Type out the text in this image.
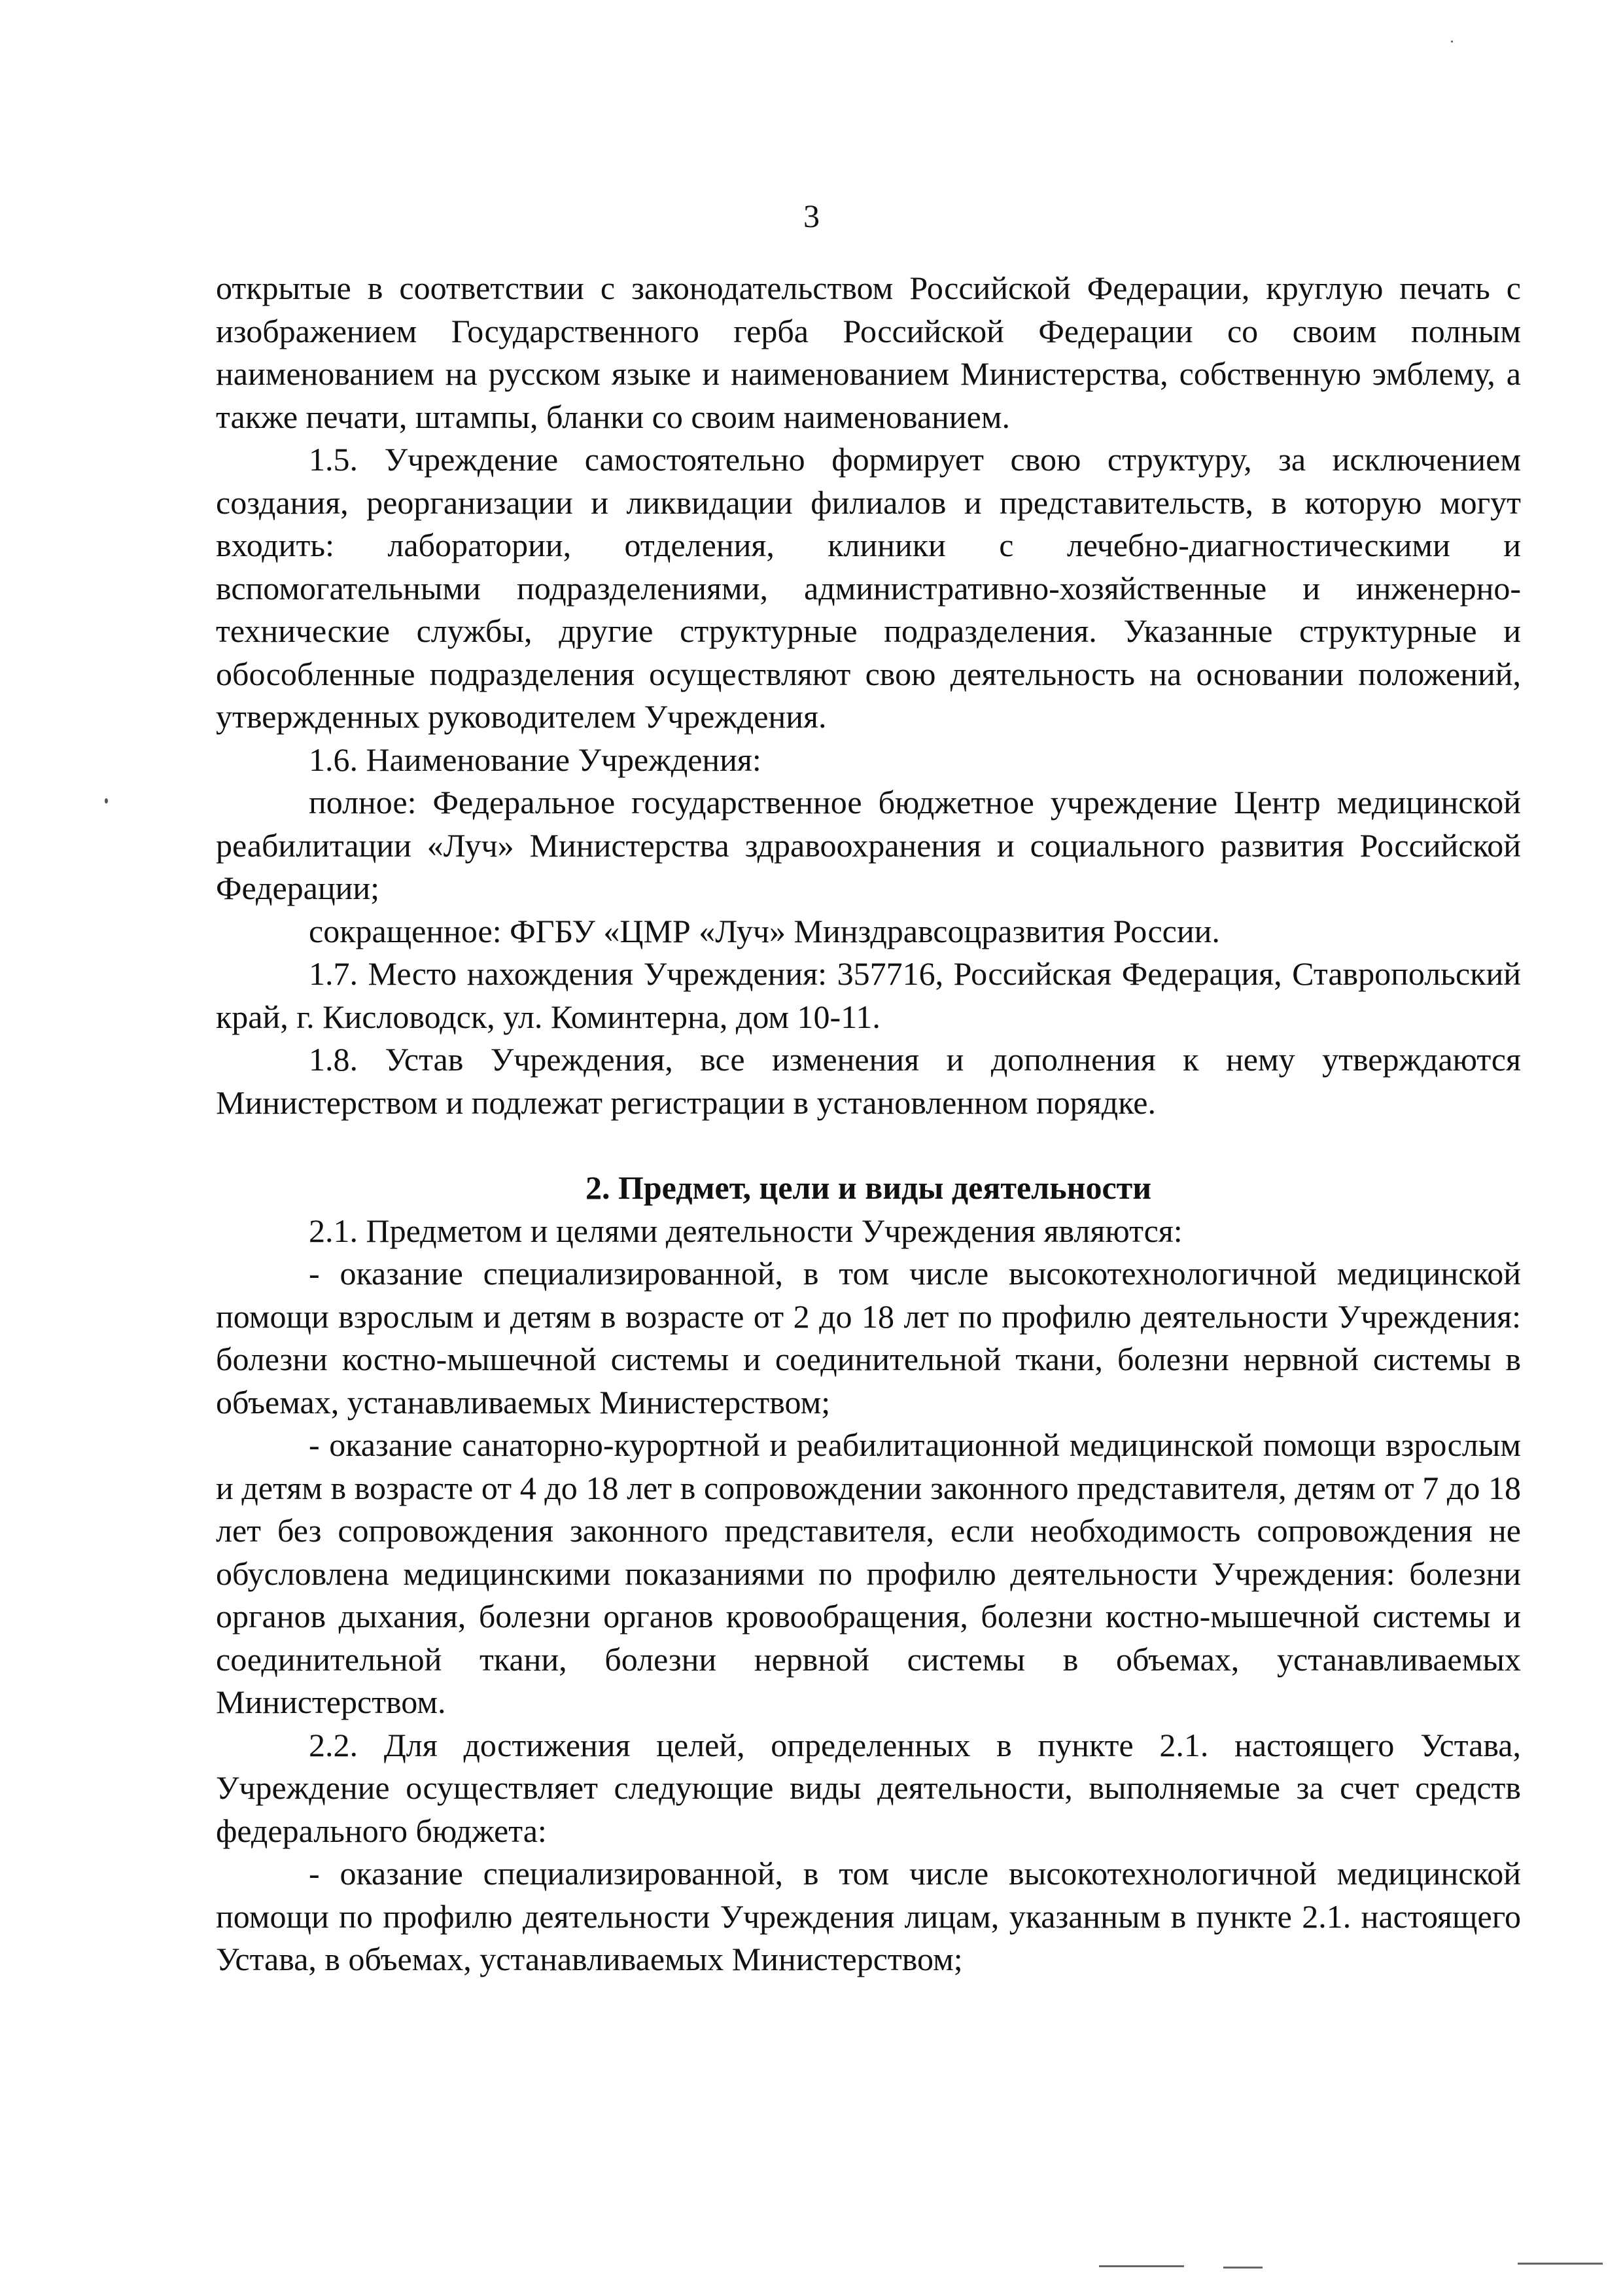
3

открытые в соответствии с законодательством Российской Федерации, круглую печать с изображением Государственного герба Российской Федерации со своим полным наименованием на русском языке и наименованием Министерства, собственную эмблему, а также печати, штампы, бланки со своим наименованием.

1.5. Учреждение самостоятельно формирует свою структуру, за исключением создания, реорганизации и ликвидации филиалов и представительств, в которую могут входить: лаборатории, отделения, клиники с лечебно-диагностическими и вспомогательными подразделениями, административно-хозяйственные и инженерно-технические службы, другие структурные подразделения. Указанные структурные и обособленные подразделения осуществляют свою деятельность на основании положений, утвержденных руководителем Учреждения.

1.6. Наименование Учреждения:

полное: Федеральное государственное бюджетное учреждение Центр медицинской реабилитации «Луч» Министерства здравоохранения и социального развития Российской Федерации;

сокращенное: ФГБУ «ЦМР «Луч» Минздравсоцразвития России.

1.7. Место нахождения Учреждения: 357716, Российская Федерация, Ставропольский край, г. Кисловодск, ул. Коминтерна, дом 10-11.

1.8. Устав Учреждения, все изменения и дополнения к нему утверждаются Министерством и подлежат регистрации в установленном порядке.

2. Предмет, цели и виды деятельности

2.1. Предметом и целями деятельности Учреждения являются:

- оказание специализированной, в том числе высокотехнологичной медицинской помощи взрослым и детям в возрасте от 2 до 18 лет по профилю деятельности Учреждения: болезни костно-мышечной системы и соединительной ткани, болезни нервной системы в объемах, устанавливаемых Министерством;

- оказание санаторно-курортной и реабилитационной медицинской помощи взрослым и детям в возрасте от 4 до 18 лет в сопровождении законного представителя, детям от 7 до 18 лет без сопровождения законного представителя, если необходимость сопровождения не обусловлена медицинскими показаниями по профилю деятельности Учреждения: болезни органов дыхания, болезни органов кровообращения, болезни костно-мышечной системы и соединительной ткани, болезни нервной системы в объемах, устанавливаемых Министерством.

2.2. Для достижения целей, определенных в пункте 2.1. настоящего Устава, Учреждение осуществляет следующие виды деятельности, выполняемые за счет средств федерального бюджета:

- оказание специализированной, в том числе высокотехнологичной медицинской помощи по профилю деятельности Учреждения лицам, указанным в пункте 2.1. настоящего Устава, в объемах, устанавливаемых Министерством;
